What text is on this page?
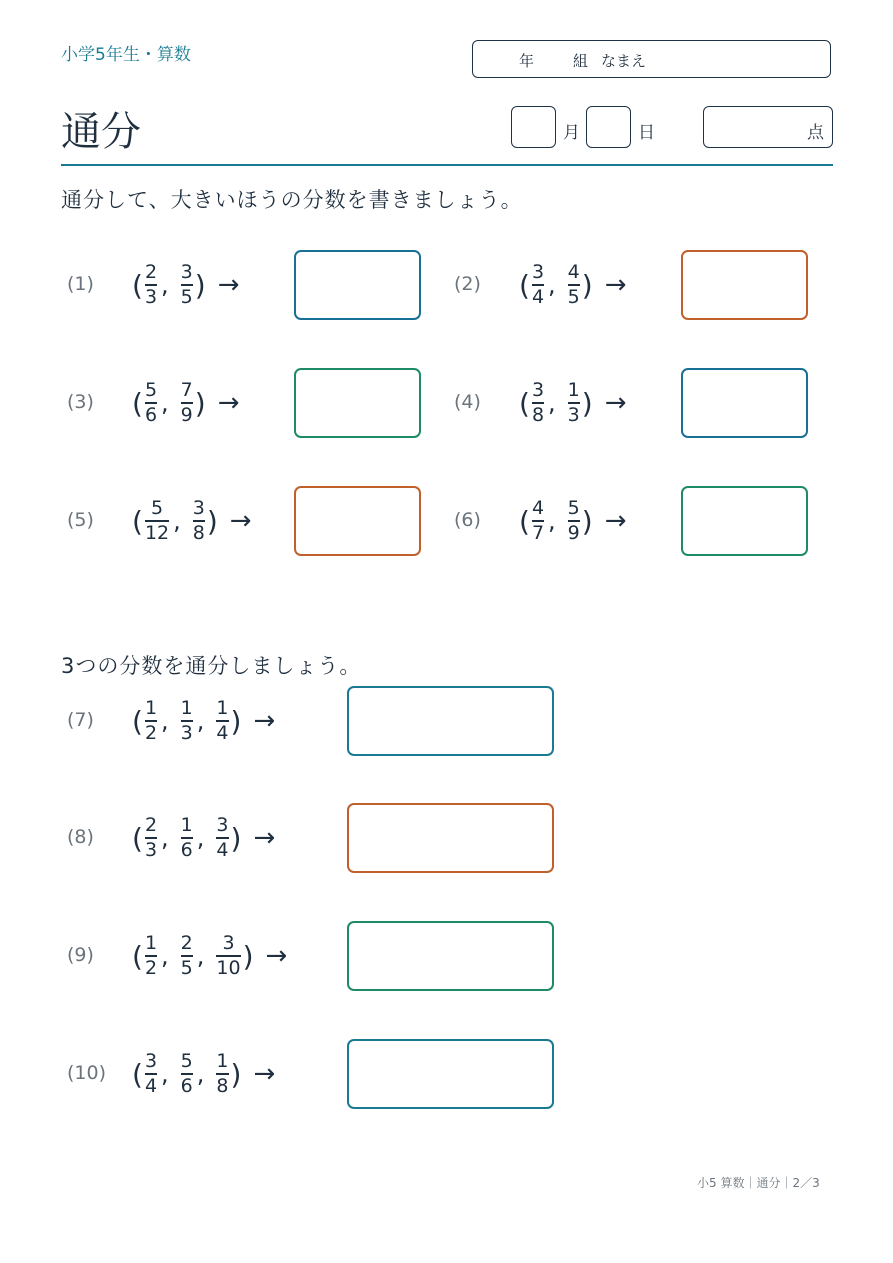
小学5年生・算数	年	組 なまえ
通分	月	日	点
通分して、大きいほうの分数を書きましょう。
(1) ( $\frac{2}{3}$ , $\frac{3}{5}$ ) →	(2) ( $\frac{3}{4}$ , $\frac{4}{5}$ ) →
(3) ( $\frac{5}{6}$ , $\frac{7}{9}$ ) →	(4) ( $\frac{3}{8}$ , $\frac{1}{3}$ ) →
(5) ( $\frac{5}{12}$ , $\frac{3}{8}$ ) →	(6) ( $\frac{4}{7}$ , $\frac{5}{9}$ ) →
3つの分数を通分しましょう。
(7) ( $\frac{1}{2}$ , $\frac{1}{3}$ , $\frac{1}{4}$ ) →
(8) ( $\frac{2}{3}$ , $\frac{1}{6}$ , $\frac{3}{4}$ ) →
(9) ( $\frac{1}{2}$ , $\frac{2}{5}$ , $\frac{3}{10}$ ) →
(10) ( $\frac{3}{4}$ , $\frac{5}{6}$ , $\frac{1}{8}$ ) →
小5 算数｜通分｜2／3
